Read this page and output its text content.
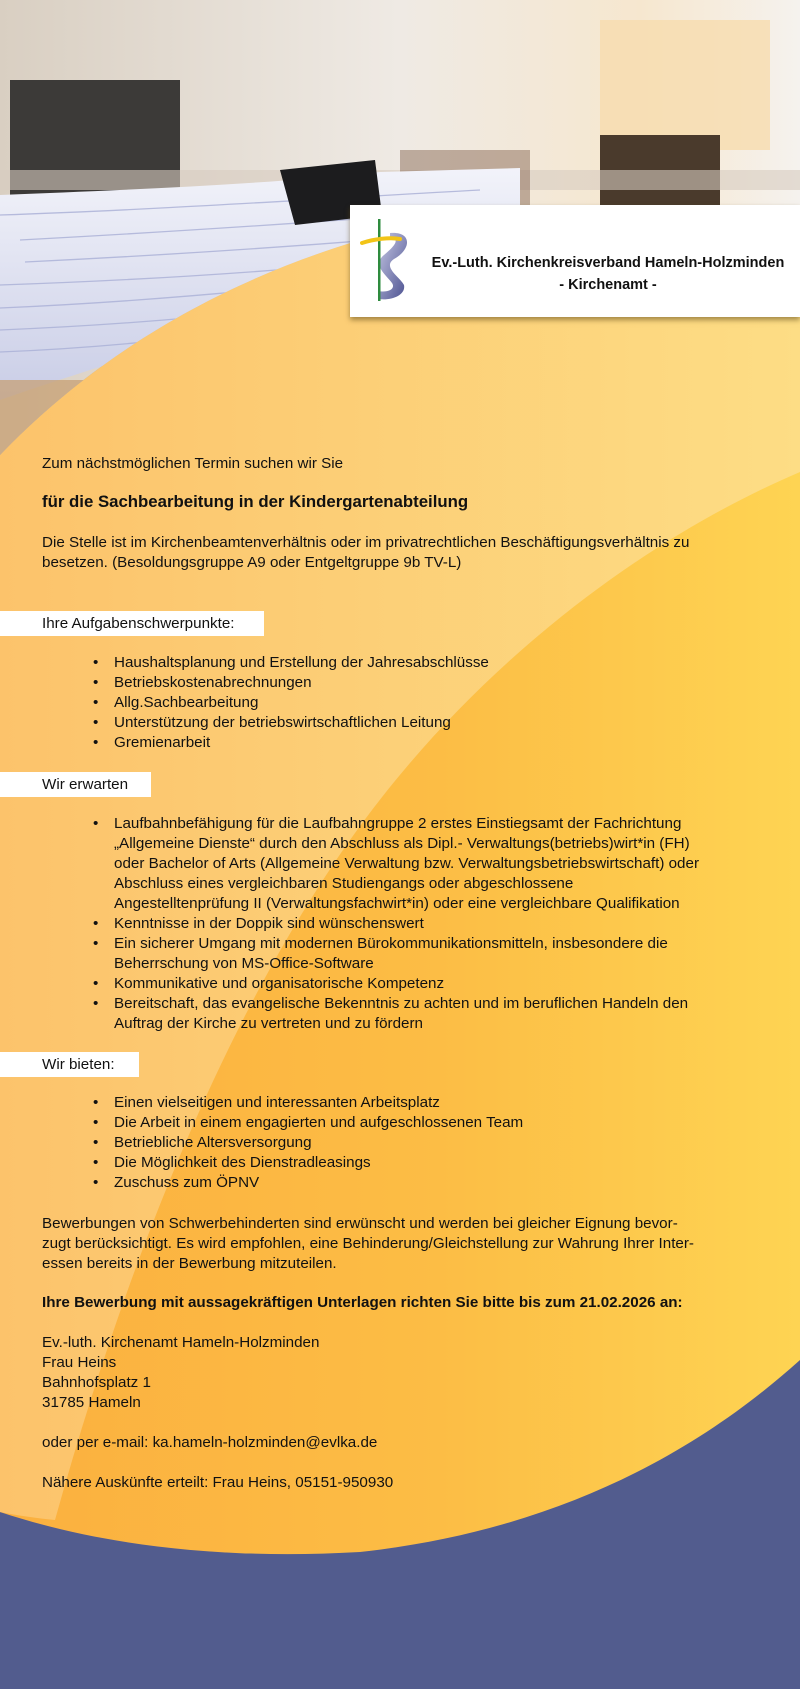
Ev.-Luth. Kirchenkreisverband Hameln-Holzminden
- Kirchenamt -
Zum nächstmöglichen Termin suchen wir Sie
für die Sachbearbeitung in der Kindergartenabteilung
Die Stelle ist im Kirchenbeamtenverhältnis oder im privatrechtlichen Beschäftigungsverhältnis zu
besetzen. (Besoldungsgruppe A9 oder Entgeltgruppe 9b TV-L)
Ihre Aufgabenschwerpunkte:
• Haushaltsplanung und Erstellung der Jahresabschlüsse
• Betriebskostenabrechnungen
• Allg.Sachbearbeitung
• Unterstützung der betriebswirtschaftlichen Leitung
• Gremienarbeit
Wir erwarten
• Laufbahnbefähigung für die Laufbahngruppe 2 erstes Einstiegsamt der Fachrichtung
„Allgemeine Dienste“ durch den Abschluss als Dipl.- Verwaltungs(betriebs)wirt*in (FH)
oder Bachelor of Arts (Allgemeine Verwaltung bzw. Verwaltungsbetriebswirtschaft) oder
Abschluss eines vergleichbaren Studiengangs oder abgeschlossene
Angestelltenprüfung II (Verwaltungsfachwirt*in) oder eine vergleichbare Qualifikation
• Kenntnisse in der Doppik sind wünschenswert
• Ein sicherer Umgang mit modernen Bürokommunikationsmitteln, insbesondere die
Beherrschung von MS-Office-Software
• Kommunikative und organisatorische Kompetenz
• Bereitschaft, das evangelische Bekenntnis zu achten und im beruflichen Handeln den
Auftrag der Kirche zu vertreten und zu fördern
Wir bieten:
• Einen vielseitigen und interessanten Arbeitsplatz
• Die Arbeit in einem engagierten und aufgeschlossenen Team
• Betriebliche Altersversorgung
• Die Möglichkeit des Dienstradleasings
• Zuschuss zum ÖPNV
Bewerbungen von Schwerbehinderten sind erwünscht und werden bei gleicher Eignung bevor-
zugt berücksichtigt. Es wird empfohlen, eine Behinderung/Gleichstellung zur Wahrung Ihrer Inter-
essen bereits in der Bewerbung mitzuteilen.
Ihre Bewerbung mit aussagekräftigen Unterlagen richten Sie bitte bis zum 21.02.2026 an:
Ev.-luth. Kirchenamt Hameln-Holzminden
Frau Heins
Bahnhofsplatz 1
31785 Hameln
oder per e-mail: ka.hameln-holzminden@evlka.de
Nähere Auskünfte erteilt: Frau Heins, 05151-950930
